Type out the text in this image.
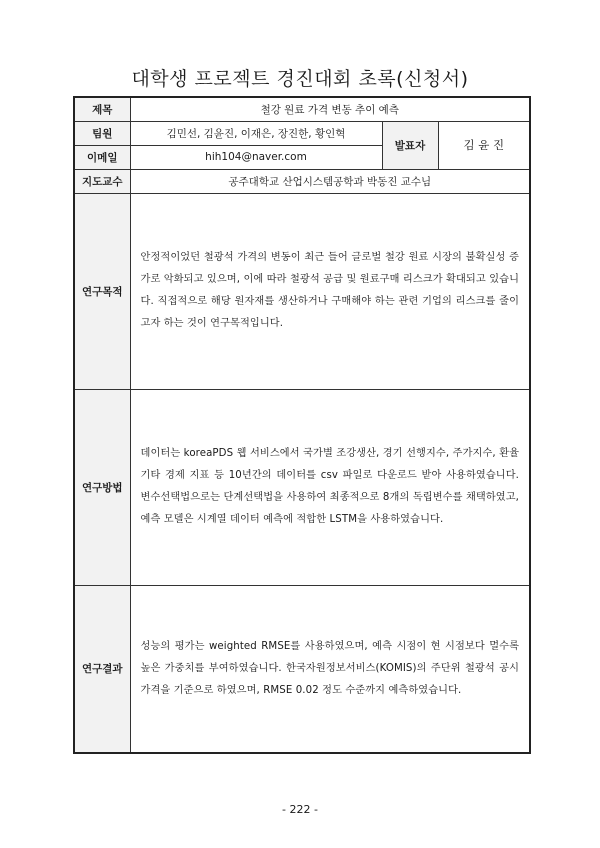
대학생 프로젝트 경진대회 초록(신청서)
제목	철강 원료 가격 변동 추이 예측		
팀원	김민선, 김윤진, 이재은, 장진한, 황인혁	발표자	김 윤 진
이메일	hih104@naver.com		
지도교수	공주대학교 산업시스템공학과 박동진 교수님		
연구목적	안정적이었던 철광석 가격의 변동이 최근 들어 글로벌 철강 원료 시장의 불확실성 증가로 악화되고 있으며, 이에 따라 철광석 공급 및 원료구매 리스크가 확대되고 있습니다. 직접적으로 해당 원자재를 생산하거나 구매해야 하는 관련 기업의 리스크를 줄이고자 하는 것이 연구목적입니다.		
연구방법	데이터는 koreaPDS 웹 서비스에서 국가별 조강생산, 경기 선행지수, 주가지수, 환율 기타 경제 지표 등 10년간의 데이터를 csv 파일로 다운로드 받아 사용하였습니다. 변수선택법으로는 단계선택법을 사용하여 최종적으로 8개의 독립변수를 채택하였고, 예측 모델은 시계열 데이터 예측에 적합한 LSTM을 사용하였습니다.		
연구결과	성능의 평가는 weighted RMSE를 사용하였으며, 예측 시점이 현 시점보다 멀수록 높은 가중치를 부여하였습니다. 한국자원정보서비스(KOMIS)의 주단위 철광석 공시 가격을 기준으로 하였으며, RMSE 0.02 정도 수준까지 예측하였습니다.		
- 222 -
